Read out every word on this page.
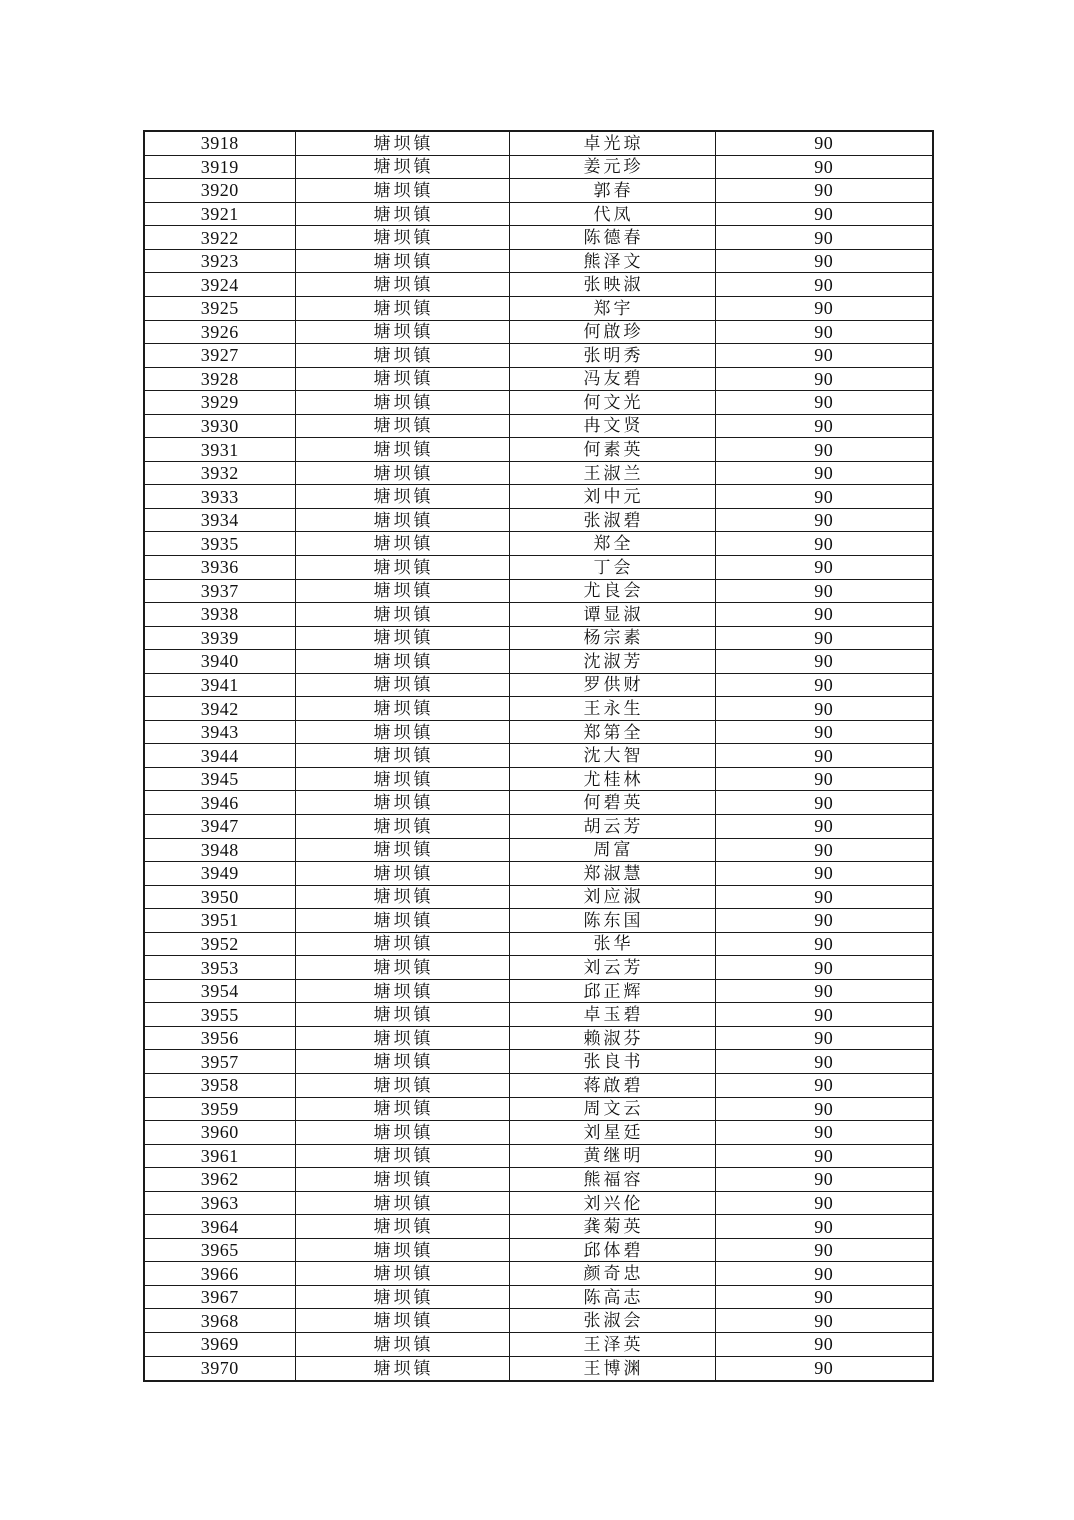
3918	塘坝镇	卓光琼	90
3919	塘坝镇	姜元珍	90
3920	塘坝镇	郭春	90
3921	塘坝镇	代凤	90
3922	塘坝镇	陈德春	90
3923	塘坝镇	熊泽文	90
3924	塘坝镇	张映淑	90
3925	塘坝镇	郑宇	90
3926	塘坝镇	何啟珍	90
3927	塘坝镇	张明秀	90
3928	塘坝镇	冯友碧	90
3929	塘坝镇	何文光	90
3930	塘坝镇	冉文贤	90
3931	塘坝镇	何素英	90
3932	塘坝镇	王淑兰	90
3933	塘坝镇	刘中元	90
3934	塘坝镇	张淑碧	90
3935	塘坝镇	郑全	90
3936	塘坝镇	丁会	90
3937	塘坝镇	尤良会	90
3938	塘坝镇	谭显淑	90
3939	塘坝镇	杨宗素	90
3940	塘坝镇	沈淑芳	90
3941	塘坝镇	罗供财	90
3942	塘坝镇	王永生	90
3943	塘坝镇	郑第全	90
3944	塘坝镇	沈大智	90
3945	塘坝镇	尤桂林	90
3946	塘坝镇	何碧英	90
3947	塘坝镇	胡云芳	90
3948	塘坝镇	周富	90
3949	塘坝镇	郑淑慧	90
3950	塘坝镇	刘应淑	90
3951	塘坝镇	陈东国	90
3952	塘坝镇	张华	90
3953	塘坝镇	刘云芳	90
3954	塘坝镇	邱正辉	90
3955	塘坝镇	卓玉碧	90
3956	塘坝镇	赖淑芬	90
3957	塘坝镇	张良书	90
3958	塘坝镇	蒋啟碧	90
3959	塘坝镇	周文云	90
3960	塘坝镇	刘星廷	90
3961	塘坝镇	黄继明	90
3962	塘坝镇	熊福容	90
3963	塘坝镇	刘兴伦	90
3964	塘坝镇	龚菊英	90
3965	塘坝镇	邱体碧	90
3966	塘坝镇	颜奇忠	90
3967	塘坝镇	陈高志	90
3968	塘坝镇	张淑会	90
3969	塘坝镇	王泽英	90
3970	塘坝镇	王博渊	90
